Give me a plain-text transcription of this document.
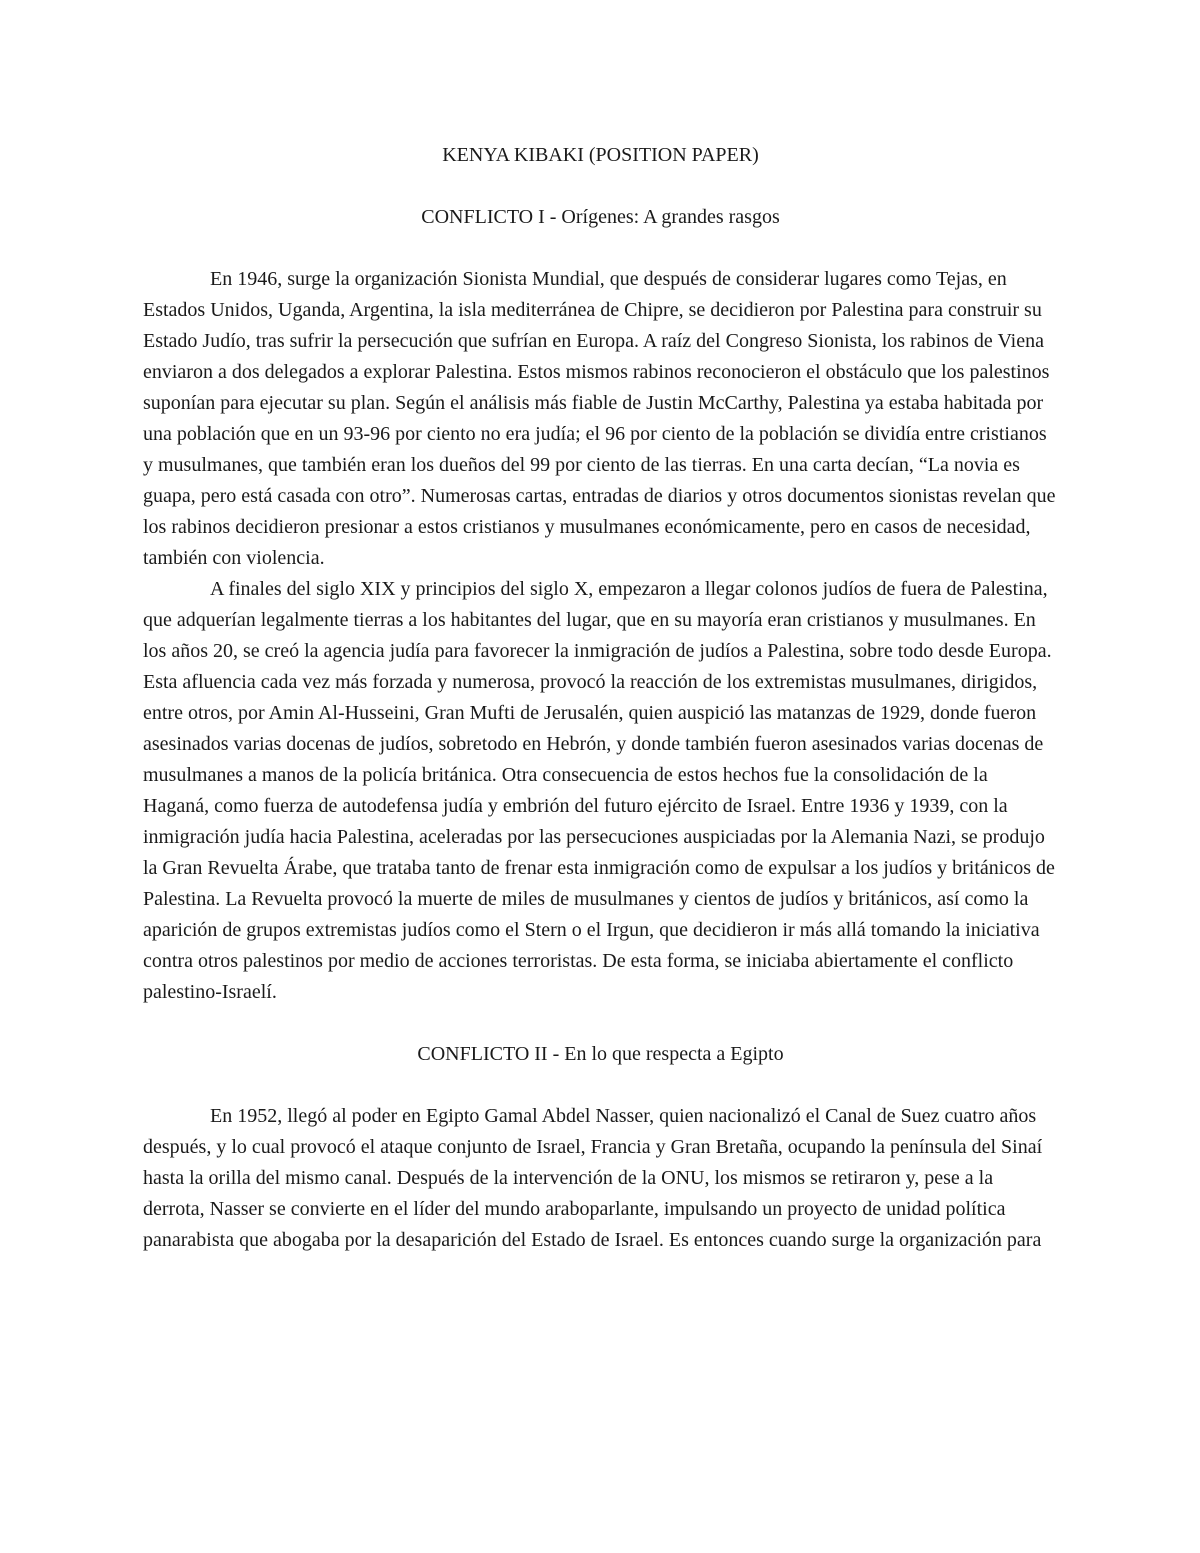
KENYA KIBAKI (POSITION PAPER)
CONFLICTO I - Orígenes: A grandes rasgos

En 1946, surge la organización Sionista Mundial, que después de considerar lugares como Tejas, en Estados Unidos, Uganda, Argentina, la isla mediterránea de Chipre, se decidieron por Palestina para construir su Estado Judío, tras sufrir la persecución que sufrían en Europa. A raíz del Congreso Sionista, los rabinos de Viena enviaron a dos delegados a explorar Palestina. Estos mismos rabinos reconocieron el obstáculo que los palestinos suponían para ejecutar su plan. Según el análisis más fiable de Justin McCarthy, Palestina ya estaba habitada por una población que en un 93-96 por ciento no era judía; el 96 por ciento de la población se dividía entre cristianos y musulmanes, que también eran los dueños del 99 por ciento de las tierras. En una carta decían, “La novia es guapa, pero está casada con otro”. Numerosas cartas, entradas de diarios y otros documentos sionistas revelan que los rabinos decidieron presionar a estos cristianos y musulmanes económicamente, pero en casos de necesidad, también con violencia.

A finales del siglo XIX y principios del siglo X, empezaron a llegar colonos judíos de fuera de Palestina, que adquerían legalmente tierras a los habitantes del lugar, que en su mayoría eran cristianos y musulmanes. En los años 20, se creó la agencia judía para favorecer la inmigración de judíos a Palestina, sobre todo desde Europa. Esta afluencia cada vez más forzada y numerosa, provocó la reacción de los extremistas musulmanes, dirigidos, entre otros, por Amin Al-Husseini, Gran Mufti de Jerusalén, quien auspició las matanzas de 1929, donde fueron asesinados varias docenas de judíos, sobretodo en Hebrón, y donde también fueron asesinados varias docenas de musulmanes a manos de la policía británica. Otra consecuencia de estos hechos fue la consolidación de la Haganá, como fuerza de autodefensa judía y embrión del futuro ejército de Israel. Entre 1936 y 1939, con la inmigración judía hacia Palestina, aceleradas por las persecuciones auspiciadas por la Alemania Nazi, se produjo la Gran Revuelta Árabe, que trataba tanto de frenar esta inmigración como de expulsar a los judíos y británicos de Palestina. La Revuelta provocó la muerte de miles de musulmanes y cientos de judíos y británicos, así como la aparición de grupos extremistas judíos como el Stern o el Irgun, que decidieron ir más allá tomando la iniciativa contra otros palestinos por medio de acciones terroristas. De esta forma, se iniciaba abiertamente el conflicto palestino-Israelí.

CONFLICTO II - En lo que respecta a Egipto

En 1952, llegó al poder en Egipto Gamal Abdel Nasser, quien nacionalizó el Canal de Suez cuatro años después, y lo cual provocó el ataque conjunto de Israel, Francia y Gran Bretaña, ocupando la península del Sinaí hasta la orilla del mismo canal. Después de la intervención de la ONU, los mismos se retiraron y, pese a la derrota, Nasser se convierte en el líder del mundo araboparlante, impulsando un proyecto de unidad política panarabista que abogaba por la desaparición del Estado de Israel. Es entonces cuando surge la organización para
